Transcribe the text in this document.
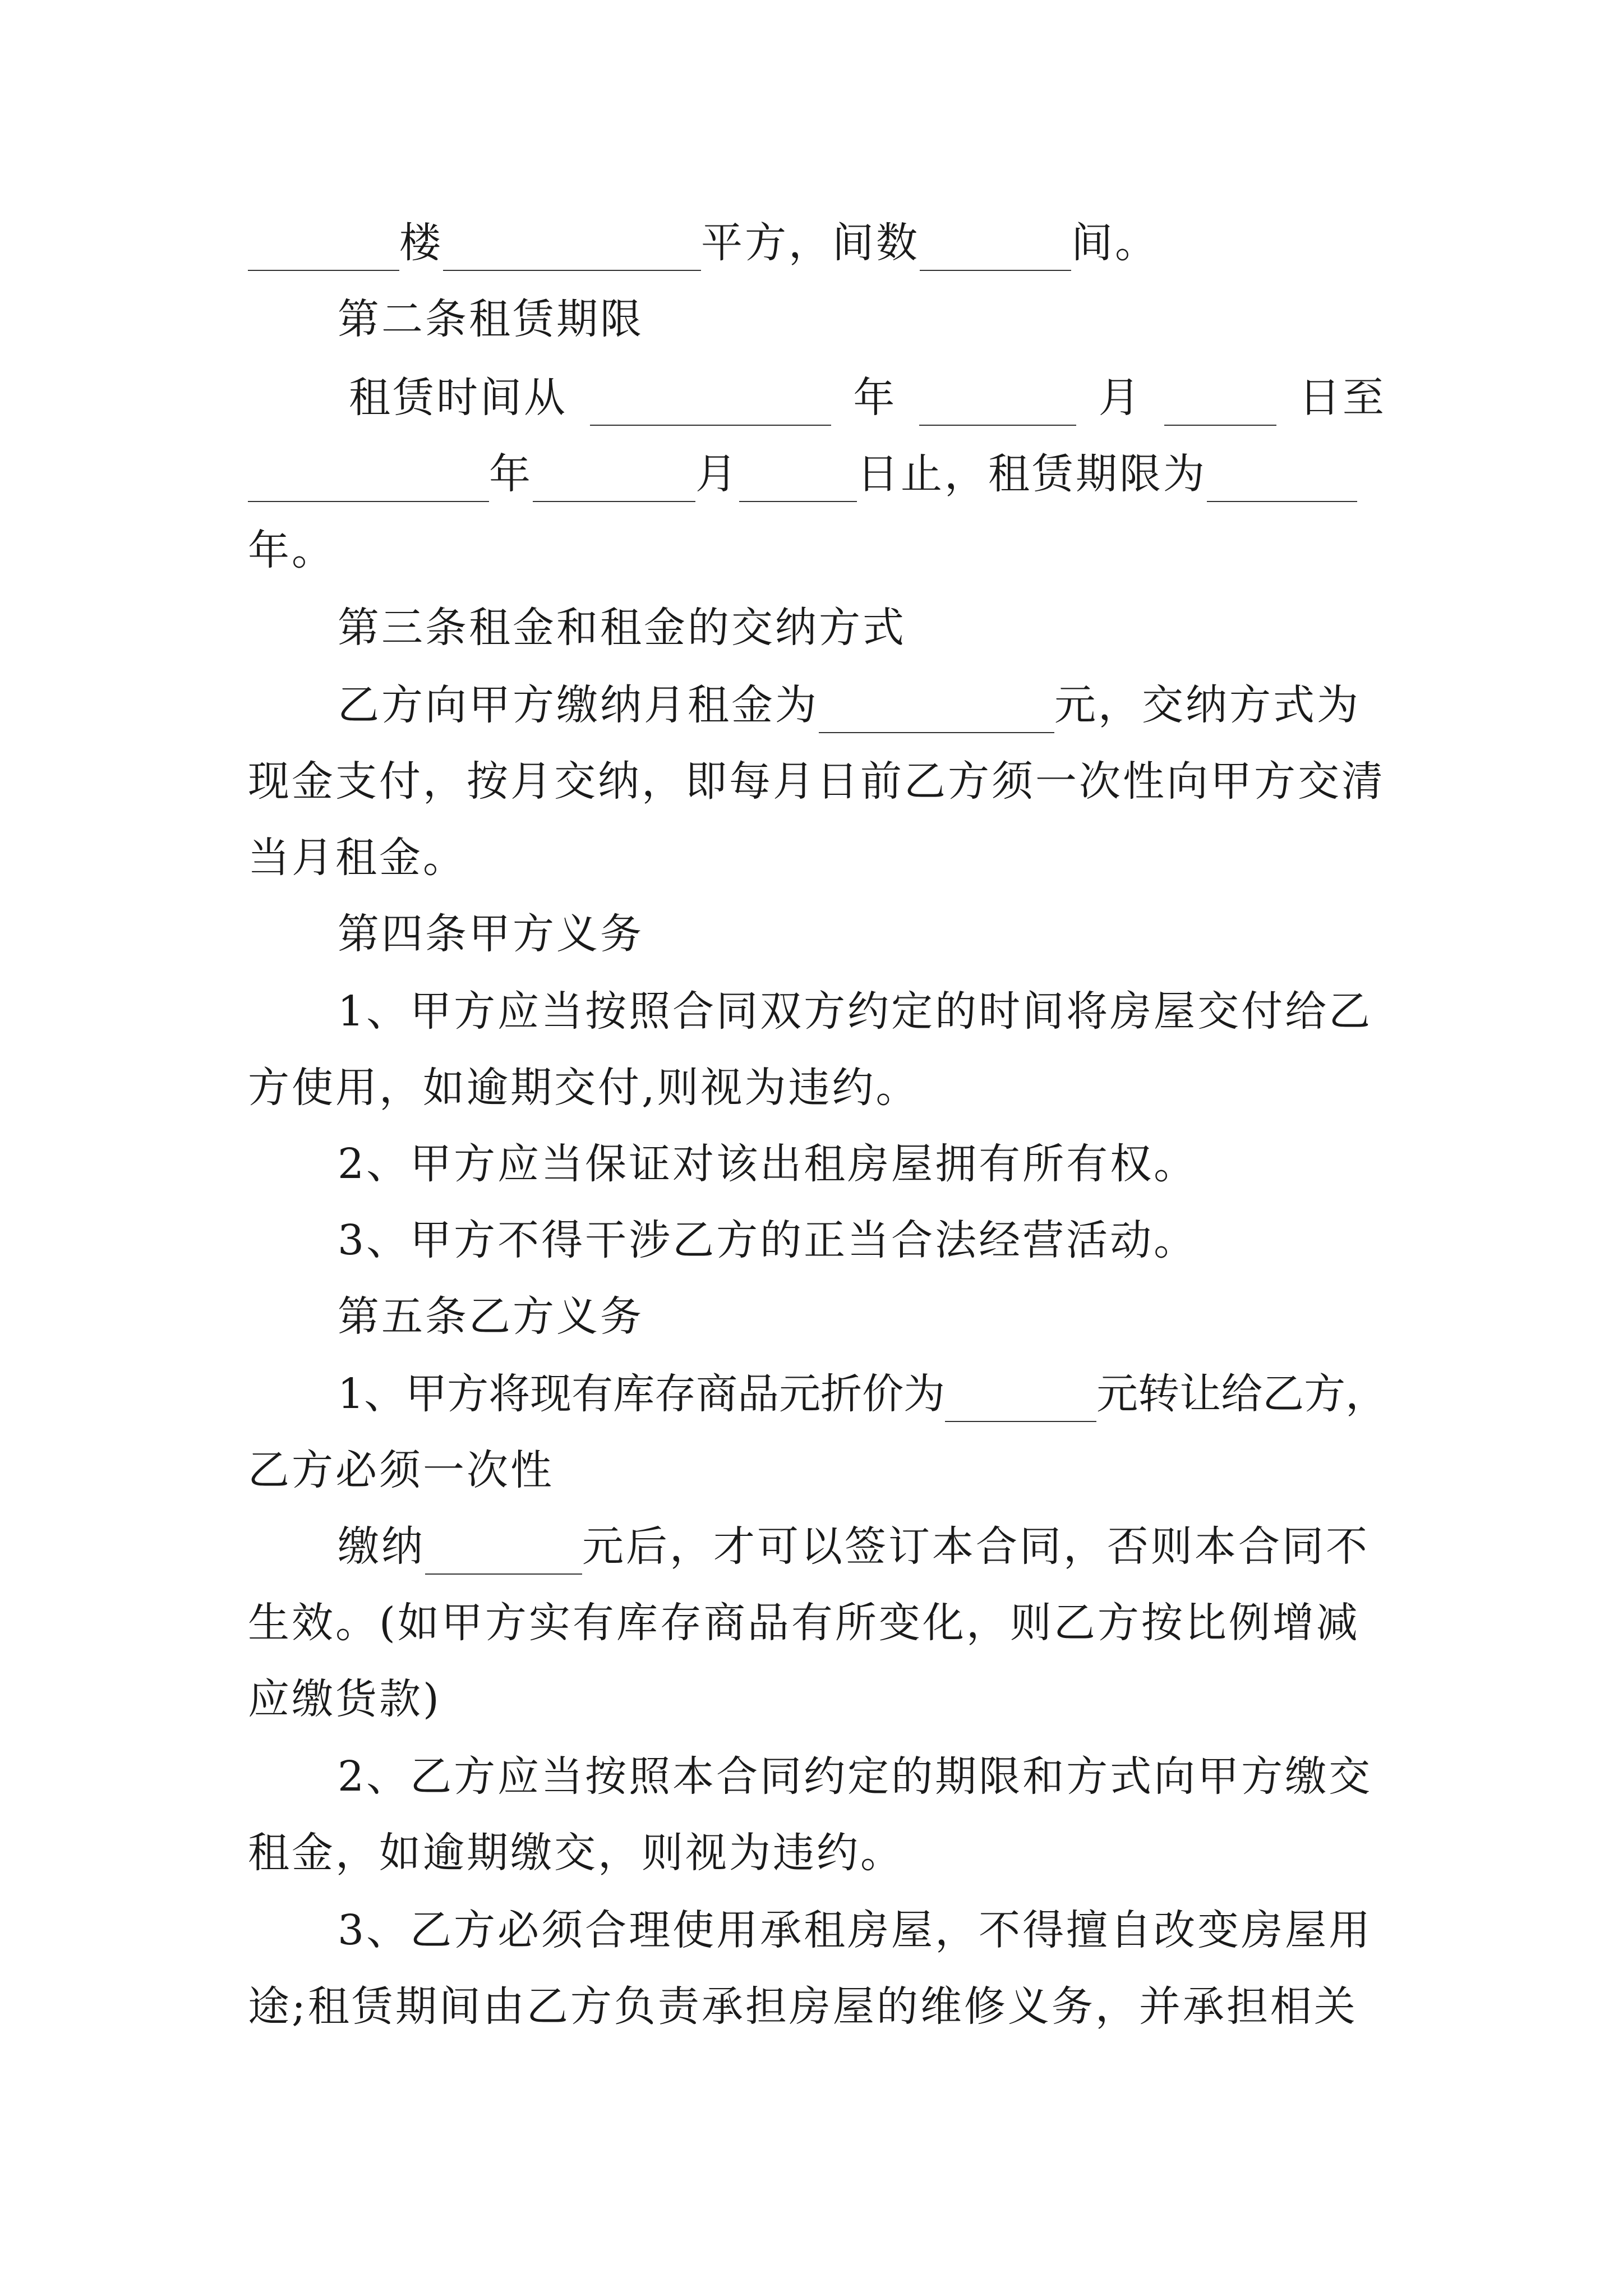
楼	平方，间数	间。
第二条租赁期限
租赁时间从	年	月	日至
年	月	日止，租赁期限为
年。
第三条租金和租金的交纳方式
乙方向甲方缴纳月租金为	元，交纳方式为
现金支付，按月交纳，即每月日前乙方须一次性向甲方交清
当月租金。
第四条甲方义务
1、甲方应当按照合同双方约定的时间将房屋交付给乙
方使用，如逾期交付,则视为违约。
2、甲方应当保证对该出租房屋拥有所有权。
3、甲方不得干涉乙方的正当合法经营活动。
第五条乙方义务
1、甲方将现有库存商品元折价为	元转让给乙方，
乙方必须一次性
缴纳	元后，才可以签订本合同，否则本合同不
生效。(如甲方实有库存商品有所变化，则乙方按比例增减
应缴货款)
2、乙方应当按照本合同约定的期限和方式向甲方缴交
租金，如逾期缴交，则视为违约。
3、乙方必须合理使用承租房屋，不得擅自改变房屋用
途;租赁期间由乙方负责承担房屋的维修义务，并承担相关
